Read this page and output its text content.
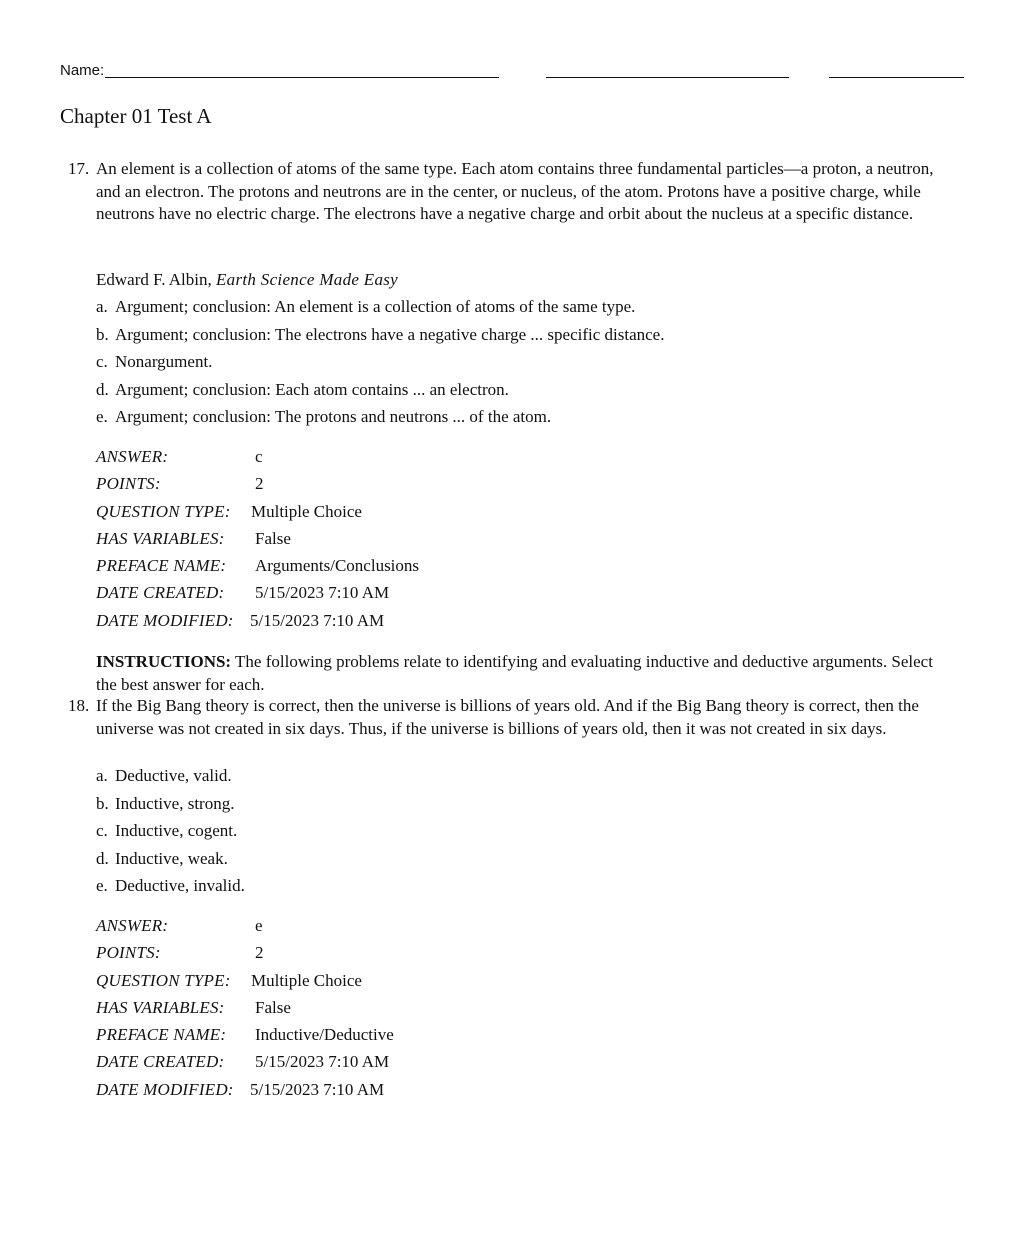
Name:
Chapter 01 Test A
17. An element is a collection of atoms of the same type. Each atom contains three fundamental particles—a proton, a neutron, and an electron. The protons and neutrons are in the center, or nucleus, of the atom. Protons have a positive charge, while neutrons have no electric charge. The electrons have a negative charge and orbit about the nucleus at a specific distance.
Edward F. Albin, Earth Science Made Easy
a. Argument; conclusion: An element is a collection of atoms of the same type.
b. Argument; conclusion: The electrons have a negative charge ... specific distance.
c. Nonargument.
d. Argument; conclusion: Each atom contains ... an electron.
e. Argument; conclusion: The protons and neutrons ... of the atom.
ANSWER:	c
POINTS:	2
QUESTION TYPE: Multiple Choice
HAS VARIABLES: False
PREFACE NAME: Arguments/Conclusions
DATE CREATED: 5/15/2023 7:10 AM
DATE MODIFIED: 5/15/2023 7:10 AM
INSTRUCTIONS: The following problems relate to identifying and evaluating inductive and deductive arguments. Select the best answer for each.
18. If the Big Bang theory is correct, then the universe is billions of years old. And if the Big Bang theory is correct, then the universe was not created in six days. Thus, if the universe is billions of years old, then it was not created in six days.
a. Deductive, valid.
b. Inductive, strong.
c. Inductive, cogent.
d. Inductive, weak.
e. Deductive, invalid.
ANSWER:	e
POINTS:	2
QUESTION TYPE: Multiple Choice
HAS VARIABLES: False
PREFACE NAME: Inductive/Deductive
DATE CREATED: 5/15/2023 7:10 AM
DATE MODIFIED: 5/15/2023 7:10 AM
